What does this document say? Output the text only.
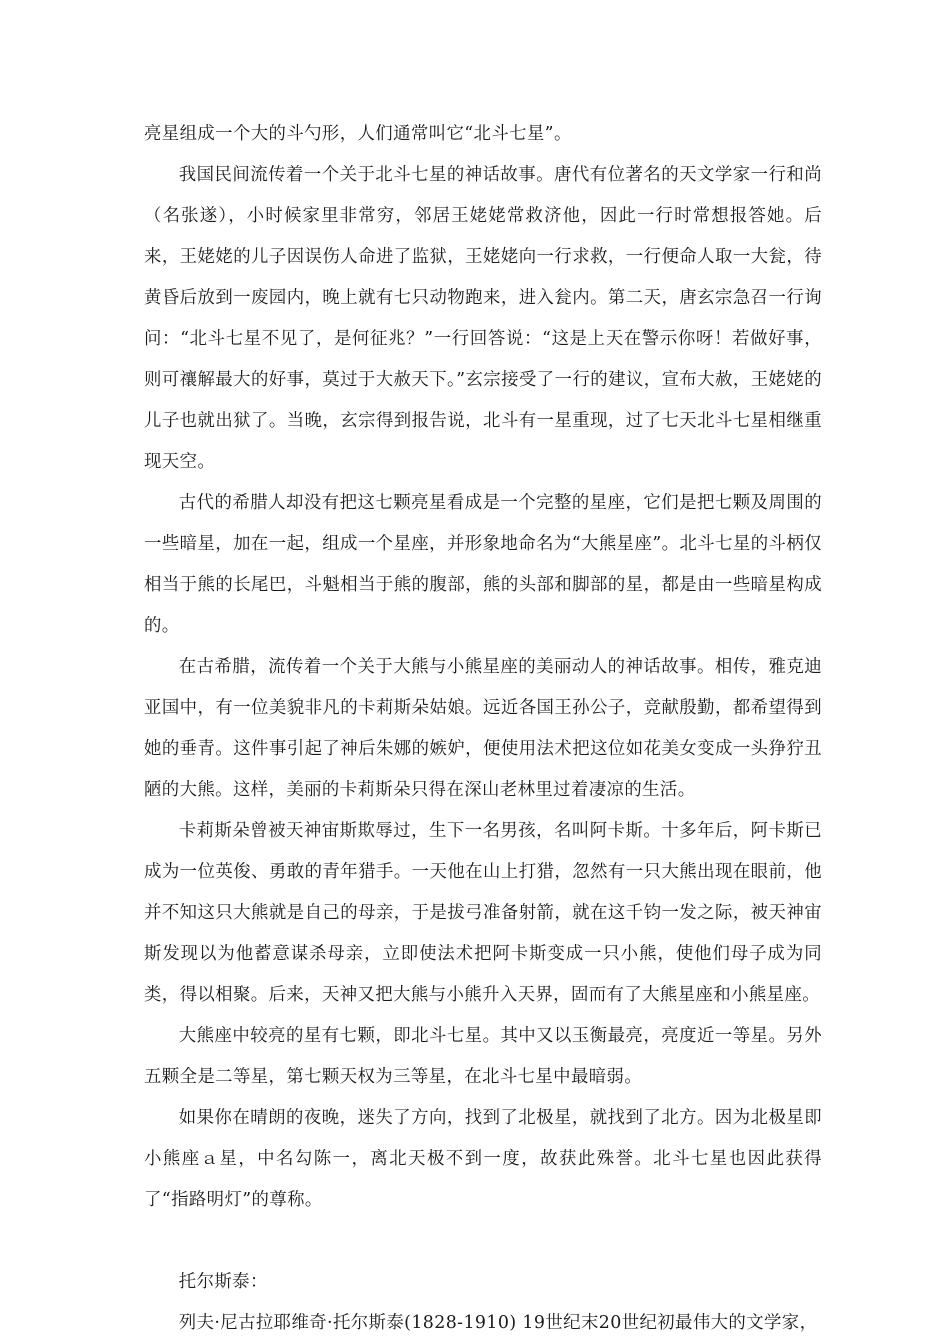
亮星组成一个大的斗勺形，人们通常叫它“北斗七星”。

我国民间流传着一个关于北斗七星的神话故事。唐代有位著名的天文学家一行和尚（名张遂），小时候家里非常穷，邻居王姥姥常救济他，因此一行时常想报答她。后来，王姥姥的儿子因误伤人命进了监狱，王姥姥向一行求救，一行便命人取一大瓮，待黄昏后放到一废园内，晚上就有七只动物跑来，进入瓮内。第二天，唐玄宗急召一行询问：“北斗七星不见了，是何征兆？”一行回答说：“这是上天在警示你呀！若做好事，则可禳解最大的好事，莫过于大赦天下。”玄宗接受了一行的建议，宣布大赦，王姥姥的儿子也就出狱了。当晚，玄宗得到报告说，北斗有一星重现，过了七天北斗七星相继重现天空。

古代的希腊人却没有把这七颗亮星看成是一个完整的星座，它们是把七颗及周围的一些暗星，加在一起，组成一个星座，并形象地命名为“大熊星座”。北斗七星的斗柄仅相当于熊的长尾巴，斗魁相当于熊的腹部，熊的头部和脚部的星，都是由一些暗星构成的。

在古希腊，流传着一个关于大熊与小熊星座的美丽动人的神话故事。相传，雅克迪亚国中，有一位美貌非凡的卡莉斯朵姑娘。远近各国王孙公子，竞献殷勤，都希望得到她的垂青。这件事引起了神后朱娜的嫉妒，便使用法术把这位如花美女变成一头狰狞丑陋的大熊。这样，美丽的卡莉斯朵只得在深山老林里过着凄凉的生活。

卡莉斯朵曾被天神宙斯欺辱过，生下一名男孩，名叫阿卡斯。十多年后，阿卡斯已成为一位英俊、勇敢的青年猎手。一天他在山上打猎，忽然有一只大熊出现在眼前，他并不知这只大熊就是自己的母亲，于是拔弓准备射箭，就在这千钧一发之际，被天神宙斯发现以为他蓄意谋杀母亲，立即使法术把阿卡斯变成一只小熊，使他们母子成为同类，得以相聚。后来，天神又把大熊与小熊升入天界，固而有了大熊星座和小熊星座。

大熊座中较亮的星有七颗，即北斗七星。其中又以玉衡最亮，亮度近一等星。另外五颗全是二等星，第七颗天权为三等星，在北斗七星中最暗弱。

如果你在晴朗的夜晚，迷失了方向，找到了北极星，就找到了北方。因为北极星即小熊座ａ星，中名勾陈一，离北天极不到一度，故获此殊誉。北斗七星也因此获得了“指路明灯”的尊称。

托尔斯泰：

列夫·尼古拉耶维奇·托尔斯泰(1828-1910) 19世纪末20世纪初最伟大的文学家，
